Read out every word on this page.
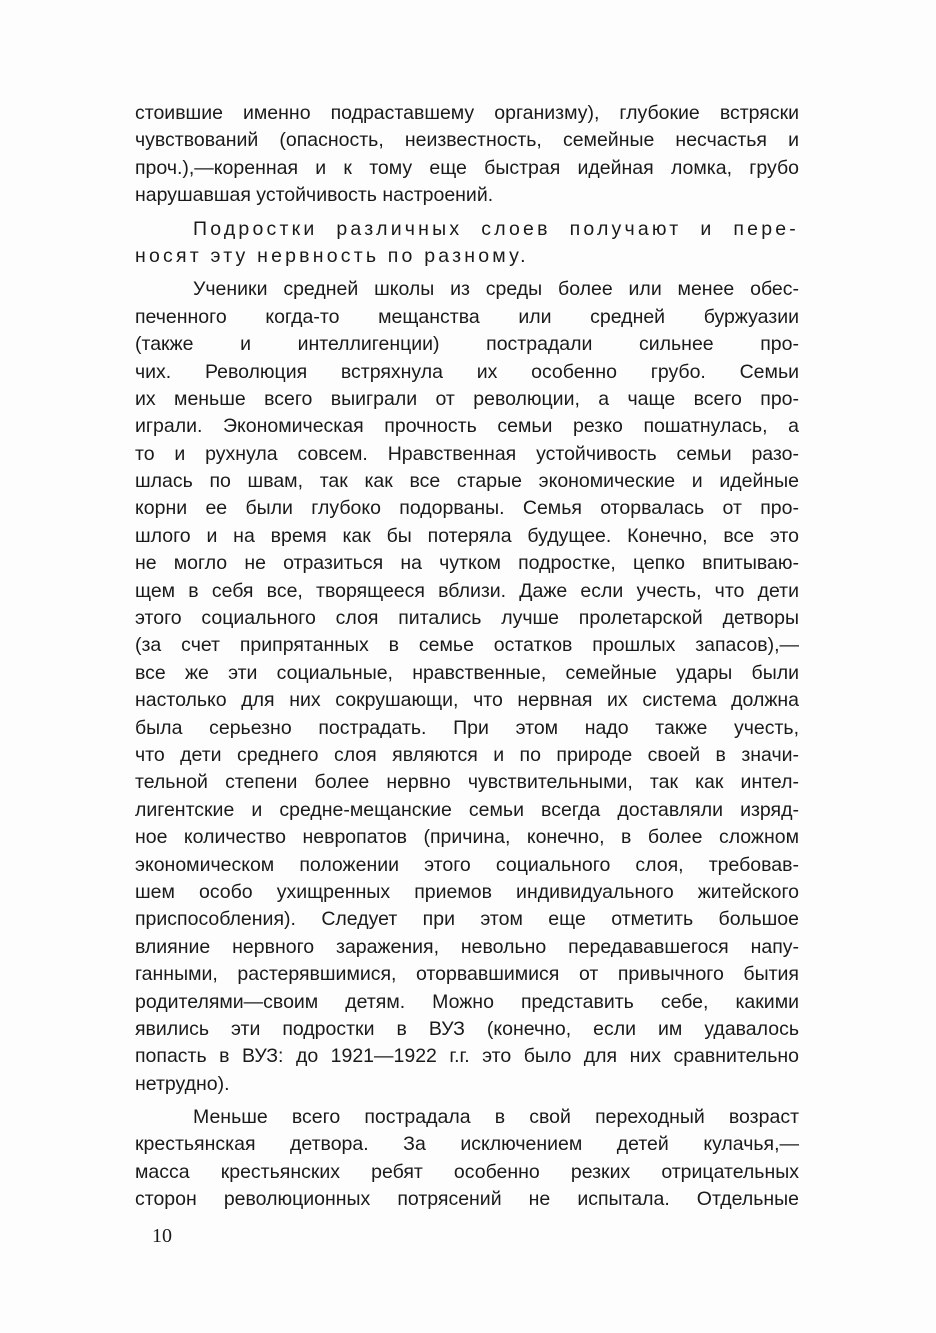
стоившие именно подраставшему организму), глубокие встряски
чувствований (опасность, неизвестность, семейные несчастья и
проч.),—коренная и к тому еще быстрая идейная ломка, грубо
нарушавшая устойчивость настроений.
Подростки различных слоев получают и пере-
носят эту нервность по разному.
Ученики средней школы из среды более или менее обес-
печенного когда-то мещанства или средней буржуазии
(также и интеллигенции) пострадали сильнее про-
чих. Революция встряхнула их особенно грубо. Семьи
их меньше всего выиграли от революции, а чаще всего про-
играли. Экономическая прочность семьи резко пошатнулась, а
то и рухнула совсем. Нравственная устойчивость семьи разо-
шлась по швам, так как все старые экономические и идейные
корни ее были глубоко подорваны. Семья оторвалась от про-
шлого и на время как бы потеряла будущее. Конечно, все это
не могло не отразиться на чутком подростке, цепко впитываю-
щем в себя все, творящееся вблизи. Даже если учесть, что дети
этого социального слоя питались лучше пролетарской детворы
(за счет припрятанных в семье остатков прошлых запасов),—
все же эти социальные, нравственные, семейные удары были
настолько для них сокрушающи, что нервная их система должна
была серьезно пострадать. При этом надо также учесть,
что дети среднего слоя являются и по природе своей в значи-
тельной степени более нервно чувствительными, так как интел-
лигентские и средне-мещанские семьи всегда доставляли изряд-
ное количество невропатов (причина, конечно, в более сложном
экономическом положении этого социального слоя, требовав-
шем особо ухищренных приемов индивидуального житейского
приспособления). Следует при этом еще отметить большое
влияние нервного заражения, невольно передававшегося напу-
ганными, растерявшимися, оторвавшимися от привычного бытия
родителями—своим детям. Можно представить себе, какими
явились эти подростки в ВУЗ (конечно, если им удавалось
попасть в ВУЗ: до 1921—1922 г.г. это было для них сравнительно
нетрудно).
Меньше всего пострадала в свой переходный возраст
крестьянская детвора. За исключением детей кулачья,—
масса крестьянских ребят особенно резких отрицательных
сторон революционных потрясений не испытала. Отдельные
10
